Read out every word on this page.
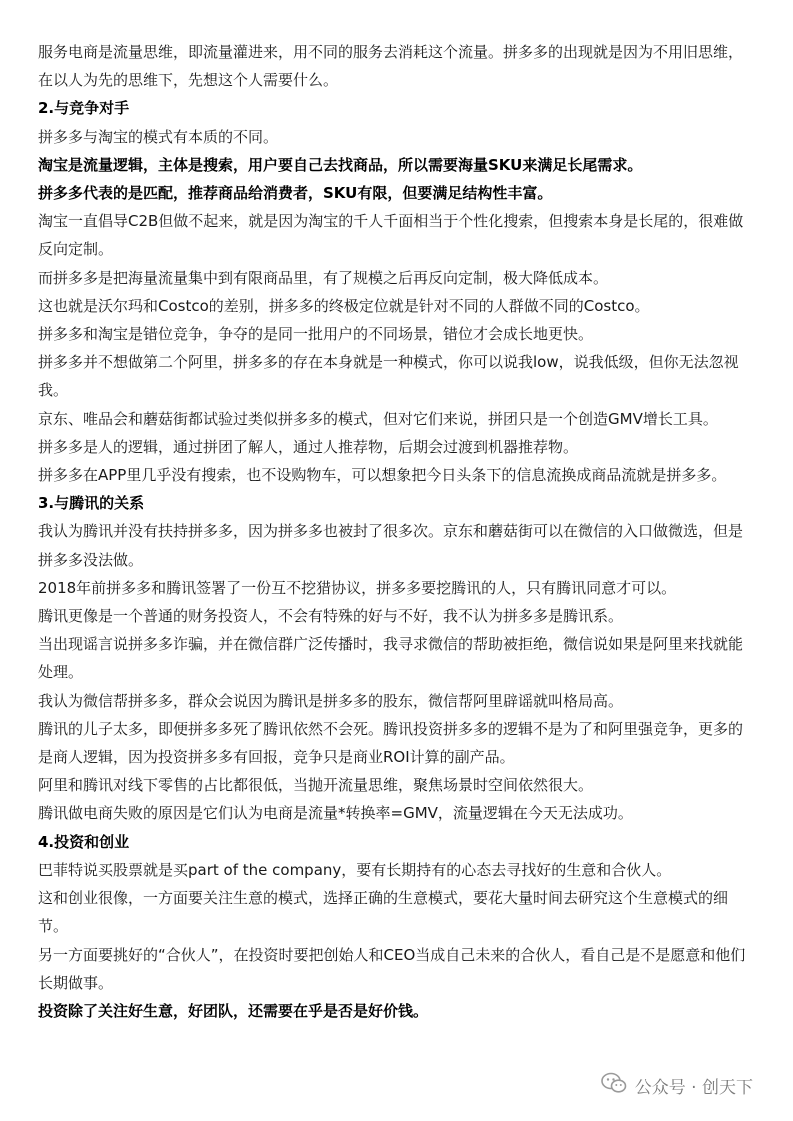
服务电商是流量思维，即流量灌进来，用不同的服务去消耗这个流量。拼多多的出现就是因为不用旧思维，在以人为先的思维下，先想这个人需要什么。

2.与竞争对手

拼多多与淘宝的模式有本质的不同。

淘宝是流量逻辑，主体是搜索，用户要自己去找商品，所以需要海量SKU来满足长尾需求。

拼多多代表的是匹配，推荐商品给消费者，SKU有限，但要满足结构性丰富。

淘宝一直倡导C2B但做不起来，就是因为淘宝的千人千面相当于个性化搜索，但搜索本身是长尾的，很难做反向定制。

而拼多多是把海量流量集中到有限商品里，有了规模之后再反向定制，极大降低成本。

这也就是沃尔玛和Costco的差别，拼多多的终极定位就是针对不同的人群做不同的Costco。

拼多多和淘宝是错位竞争，争夺的是同一批用户的不同场景，错位才会成长地更快。

拼多多并不想做第二个阿里，拼多多的存在本身就是一种模式，你可以说我low，说我低级，但你无法忽视我。

京东、唯品会和蘑菇街都试验过类似拼多多的模式，但对它们来说，拼团只是一个创造GMV增长工具。

拼多多是人的逻辑，通过拼团了解人，通过人推荐物，后期会过渡到机器推荐物。

拼多多在APP里几乎没有搜索，也不设购物车，可以想象把今日头条下的信息流换成商品流就是拼多多。

3.与腾讯的关系

我认为腾讯并没有扶持拼多多，因为拼多多也被封了很多次。京东和蘑菇街可以在微信的入口做微选，但是拼多多没法做。

2018年前拼多多和腾讯签署了一份互不挖猎协议，拼多多要挖腾讯的人，只有腾讯同意才可以。

腾讯更像是一个普通的财务投资人，不会有特殊的好与不好，我不认为拼多多是腾讯系。

当出现谣言说拼多多诈骗，并在微信群广泛传播时，我寻求微信的帮助被拒绝，微信说如果是阿里来找就能处理。

我认为微信帮拼多多，群众会说因为腾讯是拼多多的股东，微信帮阿里辟谣就叫格局高。

腾讯的儿子太多，即便拼多多死了腾讯依然不会死。腾讯投资拼多多的逻辑不是为了和阿里强竞争，更多的是商人逻辑，因为投资拼多多有回报，竞争只是商业ROI计算的副产品。

阿里和腾讯对线下零售的占比都很低，当抛开流量思维，聚焦场景时空间依然很大。

腾讯做电商失败的原因是它们认为电商是流量*转换率=GMV，流量逻辑在今天无法成功。

4.投资和创业

巴菲特说买股票就是买part of the company，要有长期持有的心态去寻找好的生意和合伙人。

这和创业很像，一方面要关注生意的模式，选择正确的生意模式，要花大量时间去研究这个生意模式的细节。

另一方面要挑好的“合伙人”，在投资时要把创始人和CEO当成自己未来的合伙人，看自己是不是愿意和他们长期做事。

投资除了关注好生意，好团队，还需要在乎是否是好价钱。

公众号 · 创天下
